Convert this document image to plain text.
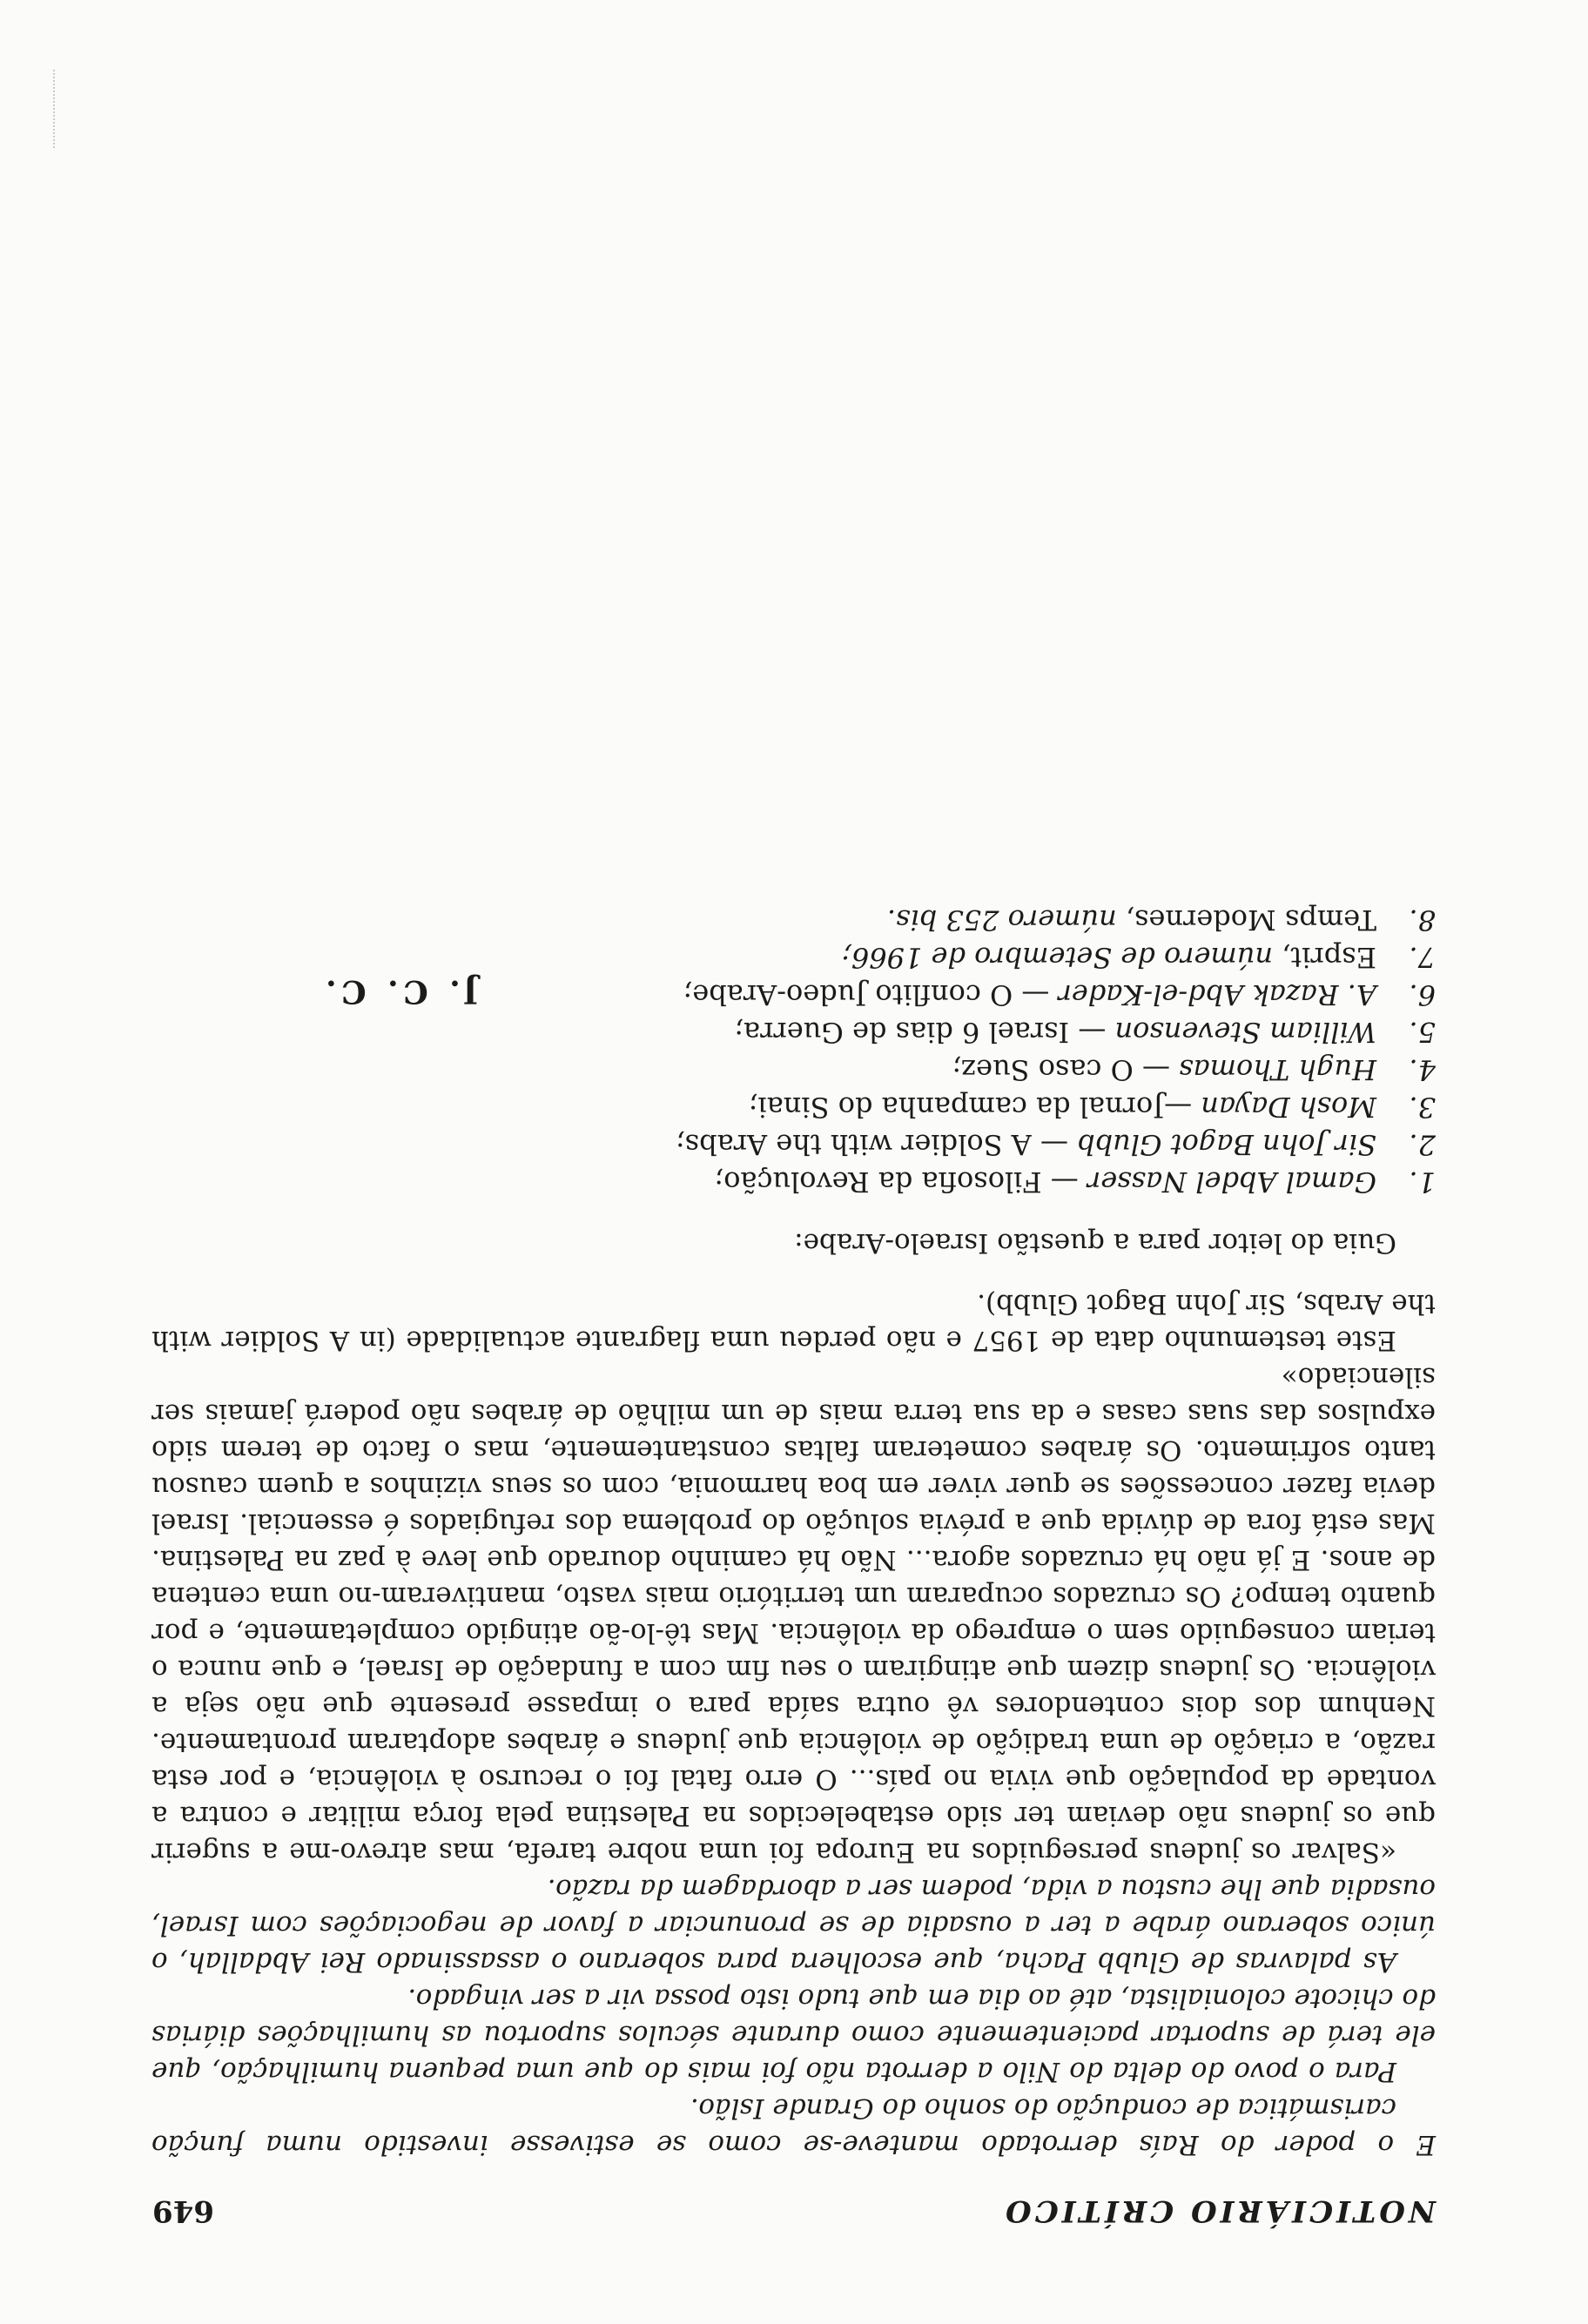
NOTICIÁRIO CRÍTICO
649

E o poder do Raís derrotado manteve-se como se estivesse investido numa função carismática de condução do sonho do Grande Islão.

Para o povo do delta do Nilo a derrota não foi mais do que uma pequena humilhação, que ele terá de suportar pacientemente como durante séculos suportou as humilhações diárias do chicote colonialista, até ao dia em que tudo isto possa vir a ser vingado.

As palavras de Glubb Pacha, que escolhera para soberano o assassinado Rei Abdallah, o único soberano árabe a ter a ousadia de se pronunciar a favor de negociações com Israel, ousadia que lhe custou a vida, podem ser a abordagem da razão.

«Salvar os judeus perseguidos na Europa foi uma nobre tarefa, mas atrevo-me a sugerir que os judeus não deviam ter sido estabelecidos na Palestina pela força militar e contra a vontade da população que vivia no país... O erro fatal foi o recurso à violência, e por esta razão, a criação de uma tradição de violência que judeus e árabes adoptaram prontamente. Nenhum dos dois contendores vê outra saída para o impasse presente que não seja a violência. Os judeus dizem que atingiram o seu fim com a fundação de Israel, e que nunca o teriam conseguido sem o emprego da violência. Mas tê-lo-ão atingido completamente, e por quanto tempo? Os cruzados ocuparam um território mais vasto, mantiveram-no uma centena de anos. E já não há cruzados agora... Não há caminho dourado que leve à paz na Palestina. Mas está fora de dúvida que a prévia solução do problema dos refugiados é essencial. Israel devia fazer concessões se quer viver em boa harmonia, com os seus vizinhos a quem causou tanto sofrimento. Os árabes cometeram faltas constantemente, mas o facto de terem sido expulsos das suas casas e da sua terra mais de um milhão de árabes não poderá jamais ser silenciado»

Este testemunho data de 1957 e não perdeu uma flagrante actualidade (in A Soldier with the Arabs, Sir John Bagot Glubb).

Guia do leitor para a questão Israelo-Arabe:

1.
Gamal Abdel Nasser — Filosofia da Revolução;
2.
Sir John Bagot Glubb — A Soldier with the Arabs;
3.
Mosh Dayan —Jornal da campanha do Sinai;
4.
Hugh Thomas — O caso Suez;
5.
William Stevenson — Israel 6 dias de Guerra;
6.
A. Razak Abd-el-Kader — O conflito Judeo-Arabe;
7.
Esprit, número de Setembro de 1966;
8.
Temps Modernes, número 253 bis.
J. C. C.
